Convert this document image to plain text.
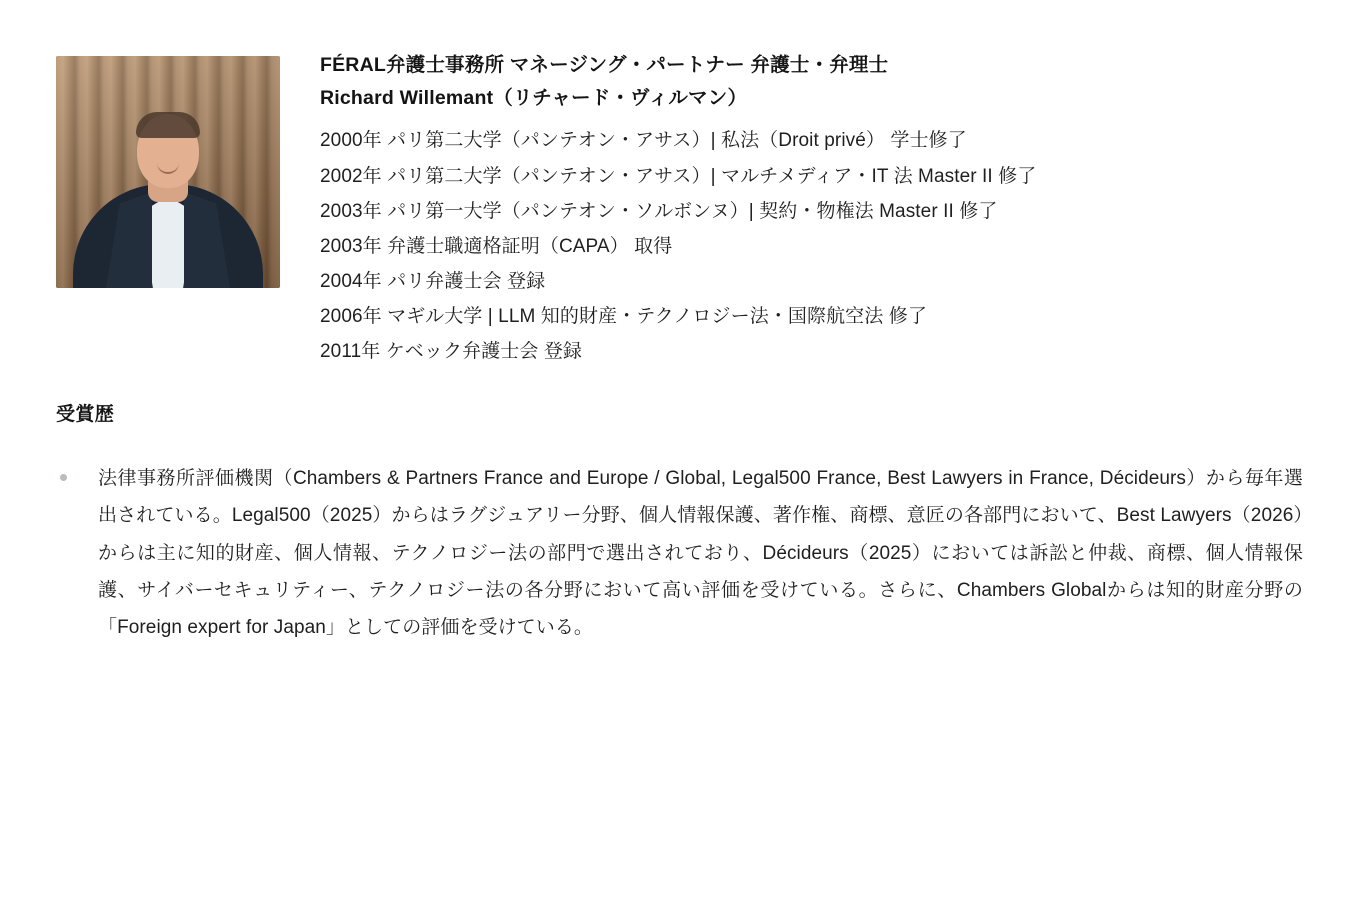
FÉRAL弁護士事務所 マネージング・パートナー 弁護士・弁理士
Richard Willemant（リチャード・ヴィルマン）
2000年 パリ第二大学（パンテオン・アサス）| 私法（Droit privé） 学士修了
2002年 パリ第二大学（パンテオン・アサス）| マルチメディア・IT 法 Master II 修了
2003年 パリ第一大学（パンテオン・ソルボンヌ）| 契約・物権法 Master II 修了
2003年 弁護士職適格証明（CAPA） 取得
2004年 パリ弁護士会 登録
2006年 マギル大学 | LLM 知的財産・テクノロジー法・国際航空法 修了
2011年 ケベック弁護士会 登録
受賞歴
法律事務所評価機関（Chambers & Partners France and Europe / Global, Legal500 France, Best Lawyers in France, Décideurs）から毎年選出されている。Legal500（2025）からはラグジュアリー分野、個人情報保護、著作権、商標、意匠の各部門において、Best Lawyers（2026）からは主に知的財産、個人情報、テクノロジー法の部門で選出されており、Décideurs（2025）においては訴訟と仲裁、商標、個人情報保護、サイバーセキュリティー、テクノロジー法の各分野において高い評価を受けている。さらに、Chambers Globalからは知的財産分野の「Foreign expert for Japan」としての評価を受けている。
